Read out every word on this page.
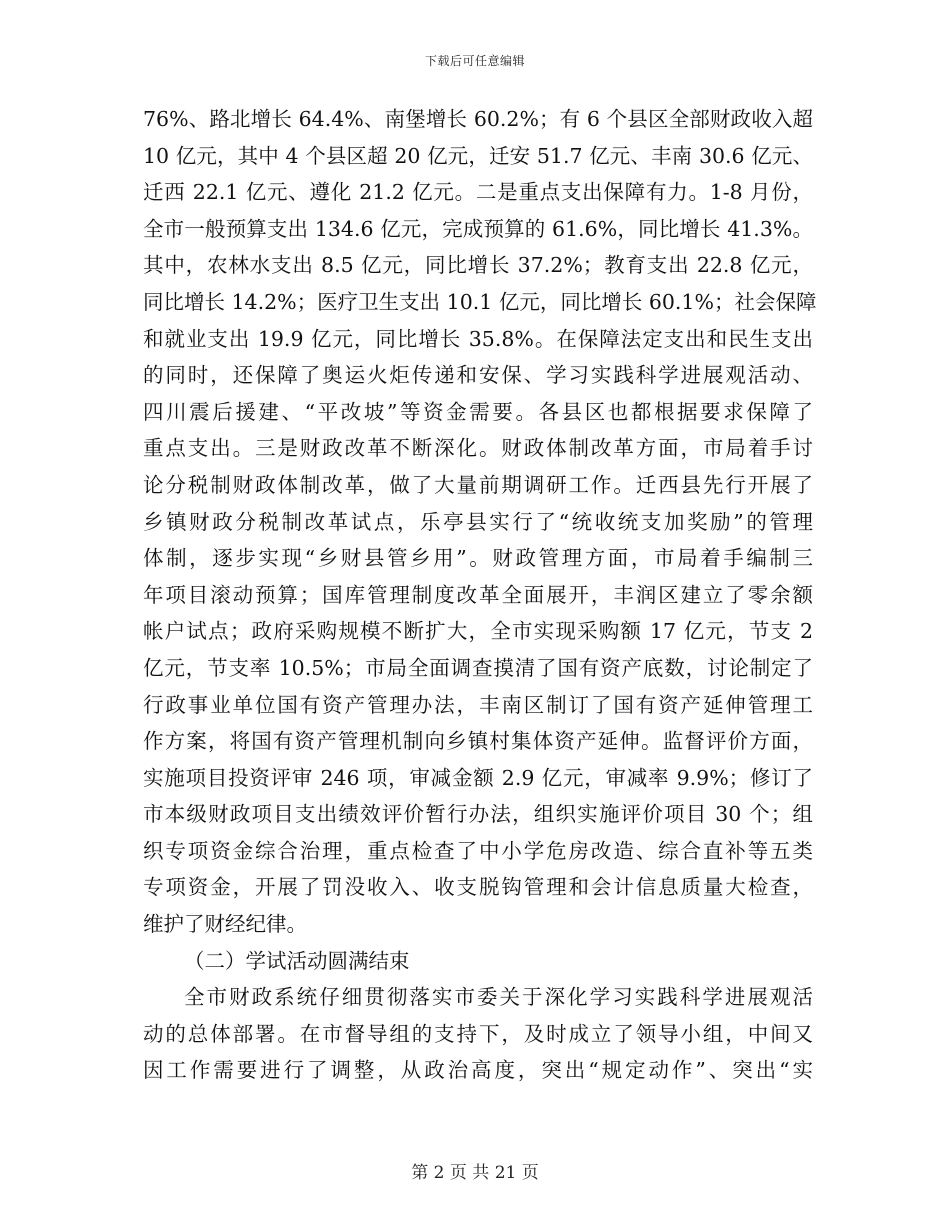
下载后可任意编辑

76%、路北增长 64.4%、南堡增长 60.2%；有 6 个县区全部财政收入超
10 亿元，其中 4 个县区超 20 亿元，迁安 51.7 亿元、丰南 30.6 亿元、
迁西 22.1 亿元、遵化 21.2 亿元。二是重点支出保障有力。1-8 月份，
全市一般预算支出 134.6 亿元，完成预算的 61.6%，同比增长 41.3%。
其中，农林水支出 8.5 亿元，同比增长 37.2%；教育支出 22.8 亿元，
同比增长 14.2%；医疗卫生支出 10.1 亿元，同比增长 60.1%；社会保障
和就业支出 19.9 亿元，同比增长 35.8%。在保障法定支出和民生支出
的同时，还保障了奥运火炬传递和安保、学习实践科学进展观活动、
四川震后援建、“平改坡”等资金需要。各县区也都根据要求保障了
重点支出。三是财政改革不断深化。财政体制改革方面，市局着手讨
论分税制财政体制改革，做了大量前期调研工作。迁西县先行开展了
乡镇财政分税制改革试点，乐亭县实行了“统收统支加奖励”的管理
体制，逐步实现“乡财县管乡用”。财政管理方面，市局着手编制三
年项目滚动预算；国库管理制度改革全面展开，丰润区建立了零余额
帐户试点；政府采购规模不断扩大，全市实现采购额 17 亿元，节支 2
亿元，节支率 10.5%；市局全面调查摸清了国有资产底数，讨论制定了
行政事业单位国有资产管理办法，丰南区制订了国有资产延伸管理工
作方案，将国有资产管理机制向乡镇村集体资产延伸。监督评价方面，
实施项目投资评审 246 项，审减金额 2.9 亿元，审减率 9.9%；修订了
市本级财政项目支出绩效评价暂行办法，组织实施评价项目 30 个；组
织专项资金综合治理，重点检查了中小学危房改造、综合直补等五类
专项资金，开展了罚没收入、收支脱钩管理和会计信息质量大检查，
维护了财经纪律。

（二）学试活动圆满结束

全市财政系统仔细贯彻落实市委关于深化学习实践科学进展观活
动的总体部署。在市督导组的支持下，及时成立了领导小组，中间又
因工作需要进行了调整，从政治高度，突出“规定动作”、突出“实

第 2 页 共 21 页
